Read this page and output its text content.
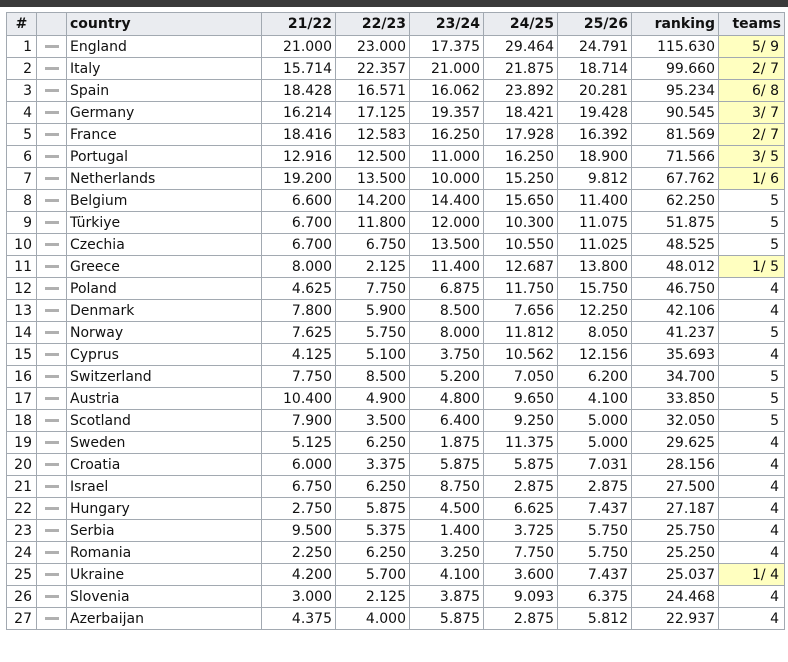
#		country	21/22	22/23	23/24	24/25	25/26	ranking	teams
1		England	21.000	23.000	17.375	29.464	24.791	115.630	5/ 9
2		Italy	15.714	22.357	21.000	21.875	18.714	99.660	2/ 7
3		Spain	18.428	16.571	16.062	23.892	20.281	95.234	6/ 8
4		Germany	16.214	17.125	19.357	18.421	19.428	90.545	3/ 7
5		France	18.416	12.583	16.250	17.928	16.392	81.569	2/ 7
6		Portugal	12.916	12.500	11.000	16.250	18.900	71.566	3/ 5
7		Netherlands	19.200	13.500	10.000	15.250	9.812	67.762	1/ 6
8		Belgium	6.600	14.200	14.400	15.650	11.400	62.250	5
9		Türkiye	6.700	11.800	12.000	10.300	11.075	51.875	5
10		Czechia	6.700	6.750	13.500	10.550	11.025	48.525	5
11		Greece	8.000	2.125	11.400	12.687	13.800	48.012	1/ 5
12		Poland	4.625	7.750	6.875	11.750	15.750	46.750	4
13		Denmark	7.800	5.900	8.500	7.656	12.250	42.106	4
14		Norway	7.625	5.750	8.000	11.812	8.050	41.237	5
15		Cyprus	4.125	5.100	3.750	10.562	12.156	35.693	4
16		Switzerland	7.750	8.500	5.200	7.050	6.200	34.700	5
17		Austria	10.400	4.900	4.800	9.650	4.100	33.850	5
18		Scotland	7.900	3.500	6.400	9.250	5.000	32.050	5
19		Sweden	5.125	6.250	1.875	11.375	5.000	29.625	4
20		Croatia	6.000	3.375	5.875	5.875	7.031	28.156	4
21		Israel	6.750	6.250	8.750	2.875	2.875	27.500	4
22		Hungary	2.750	5.875	4.500	6.625	7.437	27.187	4
23		Serbia	9.500	5.375	1.400	3.725	5.750	25.750	4
24		Romania	2.250	6.250	3.250	7.750	5.750	25.250	4
25		Ukraine	4.200	5.700	4.100	3.600	7.437	25.037	1/ 4
26		Slovenia	3.000	2.125	3.875	9.093	6.375	24.468	4
27		Azerbaijan	4.375	4.000	5.875	2.875	5.812	22.937	4
